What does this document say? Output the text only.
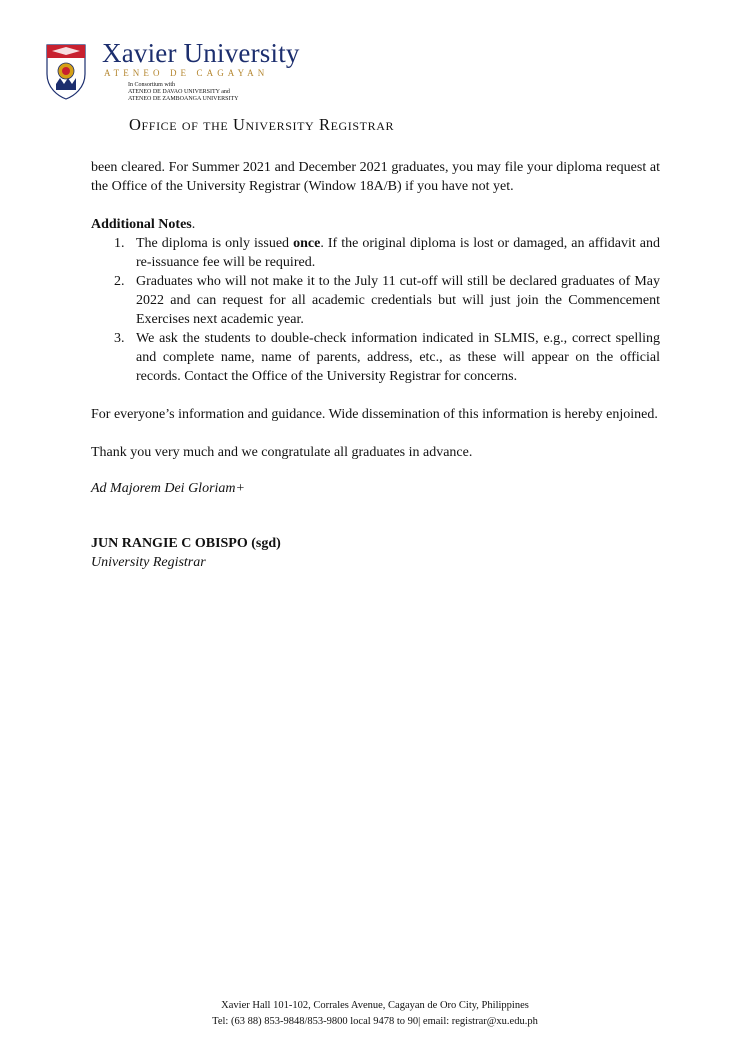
Xavier University
ATENEO DE CAGAYAN
In Consortium with
ATENEO DE DAVAO UNIVERSITY and
ATENEO DE ZAMBOANGA UNIVERSITY
Office of the University Registrar

been cleared. For Summer 2021 and December 2021 graduates, you may file your diploma request at the Office of the University Registrar (Window 18A/B) if you have not yet.

Additional Notes.

1. The diploma is only issued once. If the original diploma is lost or damaged, an affidavit and re-issuance fee will be required.
2. Graduates who will not make it to the July 11 cut-off will still be declared graduates of May 2022 and can request for all academic credentials but will just join the Commencement Exercises next academic year.
3. We ask the students to double-check information indicated in SLMIS, e.g., correct spelling and complete name, name of parents, address, etc., as these will appear on the official records. Contact the Office of the University Registrar for concerns.

For everyone’s information and guidance. Wide dissemination of this information is hereby enjoined.

Thank you very much and we congratulate all graduates in advance.

Ad Majorem Dei Gloriam+

JUN RANGIE C OBISPO (sgd)

University Registrar

Xavier Hall 101-102, Corrales Avenue, Cagayan de Oro City, Philippines
Tel: (63 88) 853-9848/853-9800 local 9478 to 90| email: registrar@xu.edu.ph
